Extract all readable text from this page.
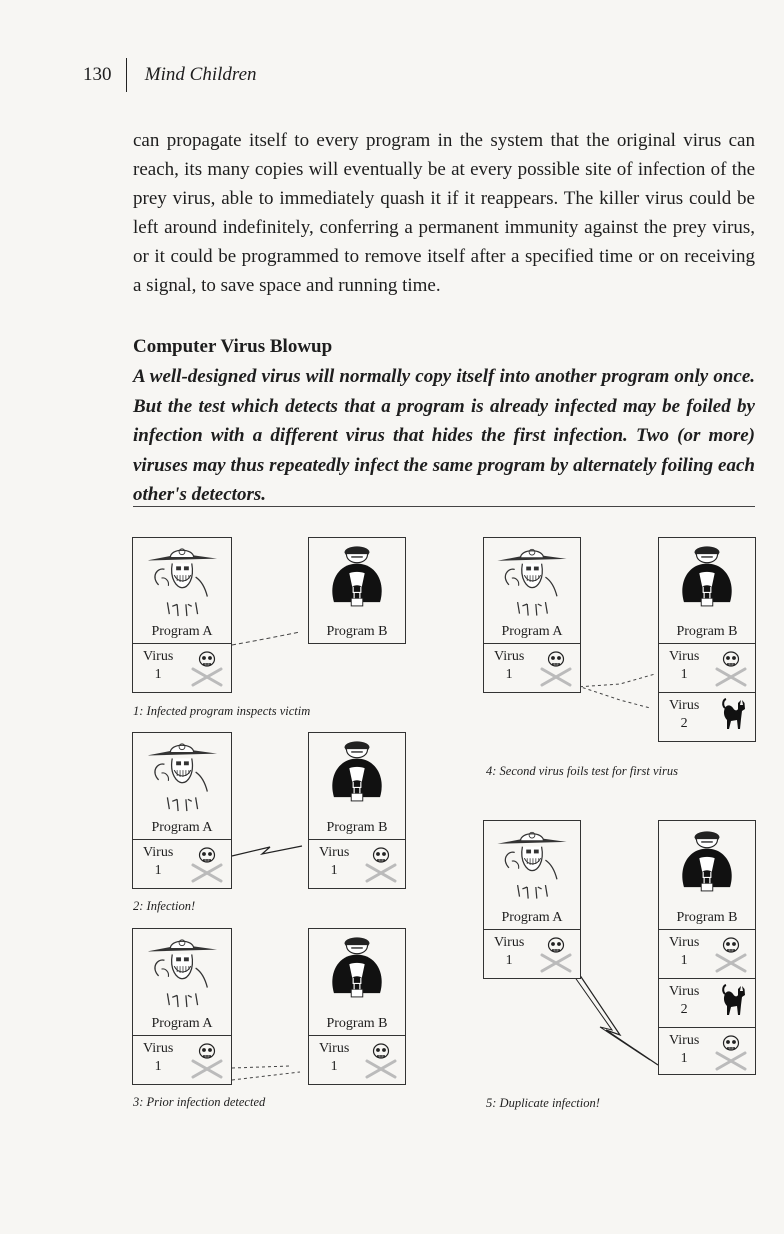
130 Mind Children

can propagate itself to every program in the system that the original virus can reach, its many copies will eventually be at every possible site of infection of the prey virus, able to immediately quash it if it reappears. The killer virus could be left around indefinitely, conferring a permanent immunity against the prey virus, or it could be programmed to remove itself after a specified time or on receiving a signal, to save space and running time.

Computer Virus Blowup

A well-designed virus will normally copy itself into another program only once. But the test which detects that a program is already infected may be foiled by infection with a different virus that hides the first infection. Two (or more) viruses may thus repeatedly infect the same program by alternately foiling each other's detectors.

Program A
Virus
1
Program B
1: Infected program inspects victim
Program A
Virus
1
Program B
Virus
1
2: Infection!
Program A
Virus
1
Program B
Virus
1
3: Prior infection detected
Program A
Virus
1
Program B
Virus
1
Virus
2
4: Second virus foils test for first virus
Program A
Virus
1
Program B
Virus
1
Virus
2
Virus
1
5: Duplicate infection!
